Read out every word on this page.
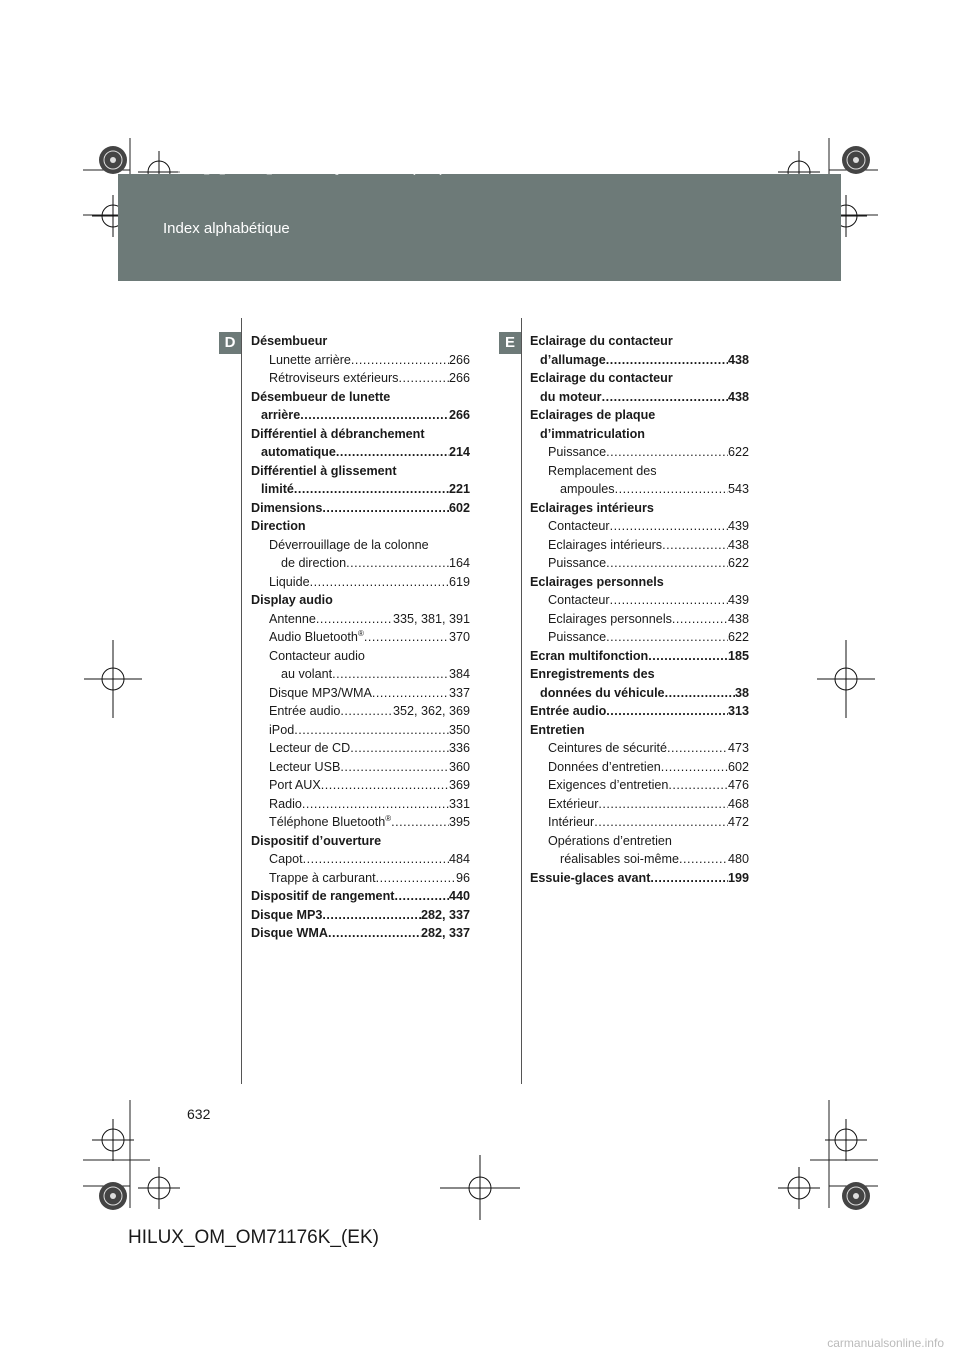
HILUX_OM_OM71176K_(EK).book Page 632 Wednesday, May 16, 2012 2:32 PM
Index alphabétique
D	E
Désembueur
Lunette arrière .....	266
Rétroviseurs extérieurs .....	266
Désembueur de lunette
arrière .....	266
Différentiel à débranchement
automatique .....	214
Différentiel à glissement
limité .....	221
Dimensions .....	602
Direction
Déverrouillage de la colonne
de direction .....	164
Liquide .....	619
Display audio
Antenne .....	335, 381, 391
Audio Bluetooth® .....	370
Contacteur audio
au volant .....	384
Disque MP3/WMA .....	337
Entrée audio .....	352, 362, 369
iPod .....	350
Lecteur de CD .....	336
Lecteur USB .....	360
Port AUX .....	369
Radio .....	331
Téléphone Bluetooth® .....	395
Dispositif d’ouverture
Capot .....	484
Trappe à carburant .....	96
Dispositif de rangement .....	440
Disque MP3 .....	282, 337
Disque WMA .....	282, 337
Eclairage du contacteur
d’allumage .....	438
Eclairage du contacteur
du moteur .....	438
Eclairages de plaque
d’immatriculation
Puissance .....	622
Remplacement des
ampoules .....	543
Eclairages intérieurs
Contacteur .....	439
Eclairages intérieurs .....	438
Puissance .....	622
Eclairages personnels
Contacteur .....	439
Eclairages personnels .....	438
Puissance .....	622
Ecran multifonction .....	185
Enregistrements des
données du véhicule .....	38
Entrée audio .....	313
Entretien
Ceintures de sécurité .....	473
Données d’entretien .....	602
Exigences d’entretien .....	476
Extérieur .....	468
Intérieur .....	472
Opérations d’entretien
réalisables soi-même .....	480
Essuie-glaces avant .....	199
632
HILUX_OM_OM71176K_(EK)
carmanualsonline.info
